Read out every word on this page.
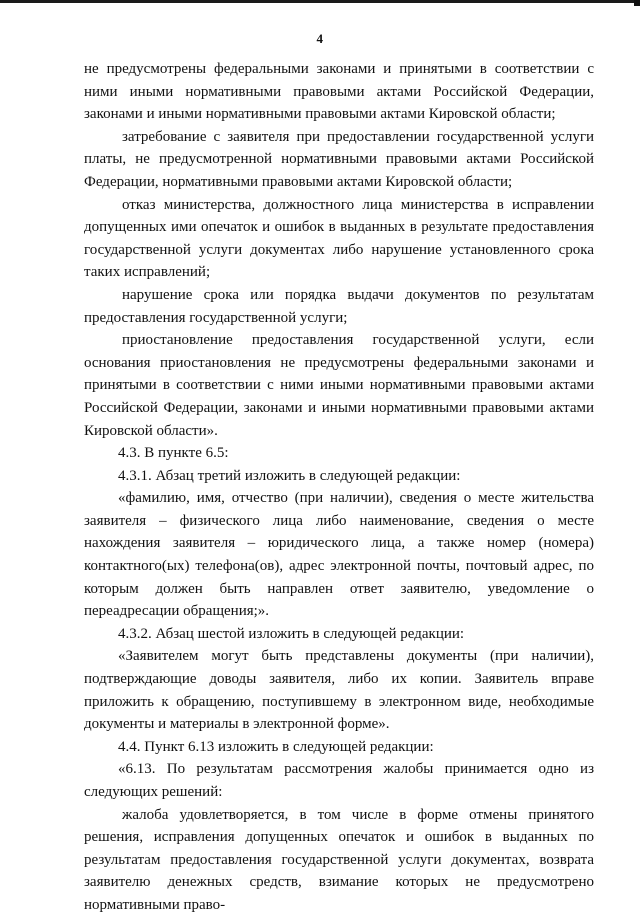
4

не предусмотрены федеральными законами и принятыми в соответствии с ними иными нормативными правовыми актами Российской Федерации, законами и иными нормативными правовыми актами Кировской области;

затребование с заявителя при предоставлении государственной услуги платы, не предусмотренной нормативными правовыми актами Российской Федерации, нормативными правовыми актами Кировской области;

отказ министерства, должностного лица министерства в исправлении допущенных ими опечаток и ошибок в выданных в результате предоставления государственной услуги документах либо нарушение установленного срока таких исправлений;

нарушение срока или порядка выдачи документов по результатам предоставления государственной услуги;

приостановление предоставления государственной услуги, если основания приостановления не предусмотрены федеральными законами и принятыми в соответствии с ними иными нормативными правовыми актами Российской Федерации, законами и иными нормативными правовыми актами Кировской области».

4.3. В пункте 6.5:

4.3.1. Абзац третий изложить в следующей редакции:

«фамилию, имя, отчество (при наличии), сведения о месте жительства заявителя – физического лица либо наименование, сведения о месте нахождения заявителя – юридического лица, а также номер (номера) контактного(ых) телефона(ов), адрес электронной почты, почтовый адрес, по которым должен быть направлен ответ заявителю, уведомление о переадресации обращения;».

4.3.2. Абзац шестой изложить в следующей редакции:

«Заявителем могут быть представлены документы (при наличии), подтверждающие доводы заявителя, либо их копии. Заявитель вправе приложить к обращению, поступившему в электронном виде, необходимые документы и материалы в электронной форме».

4.4. Пункт 6.13 изложить в следующей редакции:

«6.13. По результатам рассмотрения жалобы принимается одно из следующих решений:

жалоба удовлетворяется, в том числе в форме отмены принятого решения, исправления допущенных опечаток и ошибок в выданных по результатам предоставления государственной услуги документах, возврата заявителю денежных средств, взимание которых не предусмотрено нормативными право-
